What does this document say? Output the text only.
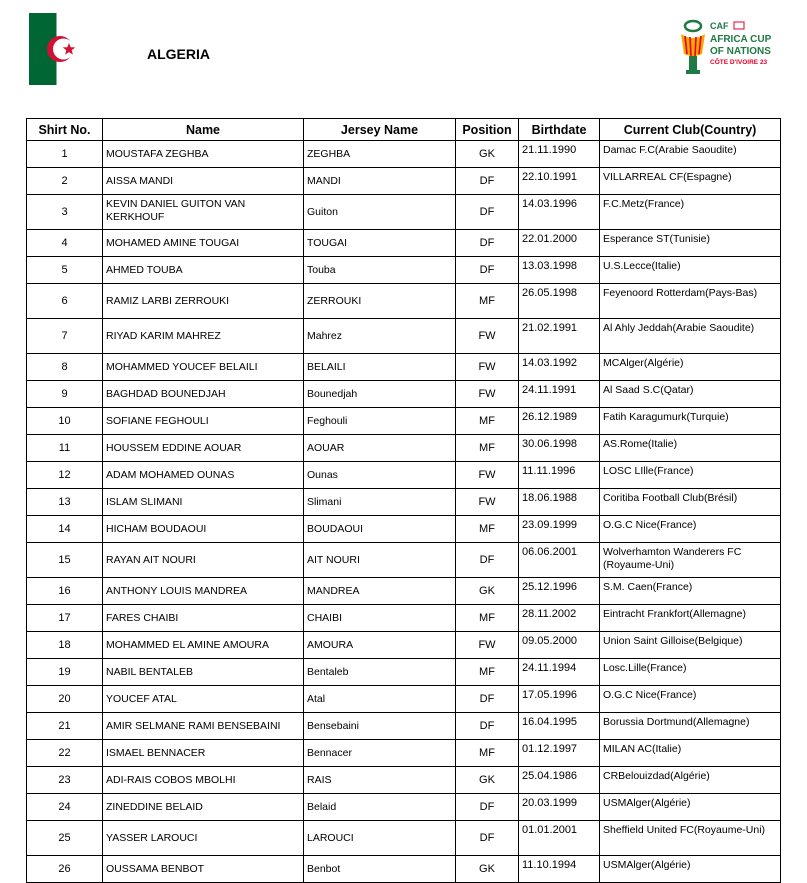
ALGERIA
CAF
AFRICA CUP
OF NATIONS
CÔTE D'IVOIRE 23
Shirt No.	Name	Jersey Name	Position	Birthdate	Current Club(Country)
1	MOUSTAFA ZEGHBA	ZEGHBA	GK	21.11.1990	Damac F.C(Arabie Saoudite)
2	AISSA MANDI	MANDI	DF	22.10.1991	VILLARREAL CF(Espagne)
3	KEVIN DANIEL GUITON VAN KERKHOUF	Guiton	DF	14.03.1996	F.C.Metz(France)
4	MOHAMED AMINE TOUGAI	TOUGAI	DF	22.01.2000	Esperance ST(Tunisie)
5	AHMED TOUBA	Touba	DF	13.03.1998	U.S.Lecce(Italie)
6	RAMIZ LARBI ZERROUKI	ZERROUKI	MF	26.05.1998	Feyenoord Rotterdam(Pays-Bas)
7	RIYAD KARIM MAHREZ	Mahrez	FW	21.02.1991	Al Ahly Jeddah(Arabie Saoudite)
8	MOHAMMED YOUCEF BELAILI	BELAILI	FW	14.03.1992	MCAlger(Algérie)
9	BAGHDAD BOUNEDJAH	Bounedjah	FW	24.11.1991	Al Saad S.C(Qatar)
10	SOFIANE FEGHOULI	Feghouli	MF	26.12.1989	Fatih Karagumurk(Turquie)
11	HOUSSEM EDDINE AOUAR	AOUAR	MF	30.06.1998	AS.Rome(Italie)
12	ADAM MOHAMED OUNAS	Ounas	FW	11.11.1996	LOSC LIlle(France)
13	ISLAM SLIMANI	Slimani	FW	18.06.1988	Coritiba Football Club(Brésil)
14	HICHAM BOUDAOUI	BOUDAOUI	MF	23.09.1999	O.G.C Nice(France)
15	RAYAN AIT NOURI	AIT NOURI	DF	06.06.2001	Wolverhamton Wanderers FC (Royaume-Uni)
16	ANTHONY LOUIS MANDREA	MANDREA	GK	25.12.1996	S.M. Caen(France)
17	FARES CHAIBI	CHAIBI	MF	28.11.2002	Eintracht Frankfort(Allemagne)
18	MOHAMMED EL AMINE AMOURA	AMOURA	FW	09.05.2000	Union Saint Gilloise(Belgique)
19	NABIL BENTALEB	Bentaleb	MF	24.11.1994	Losc.Lille(France)
20	YOUCEF ATAL	Atal	DF	17.05.1996	O.G.C Nice(France)
21	AMIR SELMANE RAMI BENSEBAINI	Bensebaini	DF	16.04.1995	Borussia Dortmund(Allemagne)
22	ISMAEL BENNACER	Bennacer	MF	01.12.1997	MILAN AC(Italie)
23	ADI-RAIS COBOS MBOLHI	RAIS	GK	25.04.1986	CRBelouizdad(Algérie)
24	ZINEDDINE BELAID	Belaid	DF	20.03.1999	USMAlger(Algérie)
25	YASSER LAROUCI	LAROUCI	DF	01.01.2001	Sheffield United FC(Royaume-Uni)
26	OUSSAMA BENBOT	Benbot	GK	11.10.1994	USMAlger(Algérie)
